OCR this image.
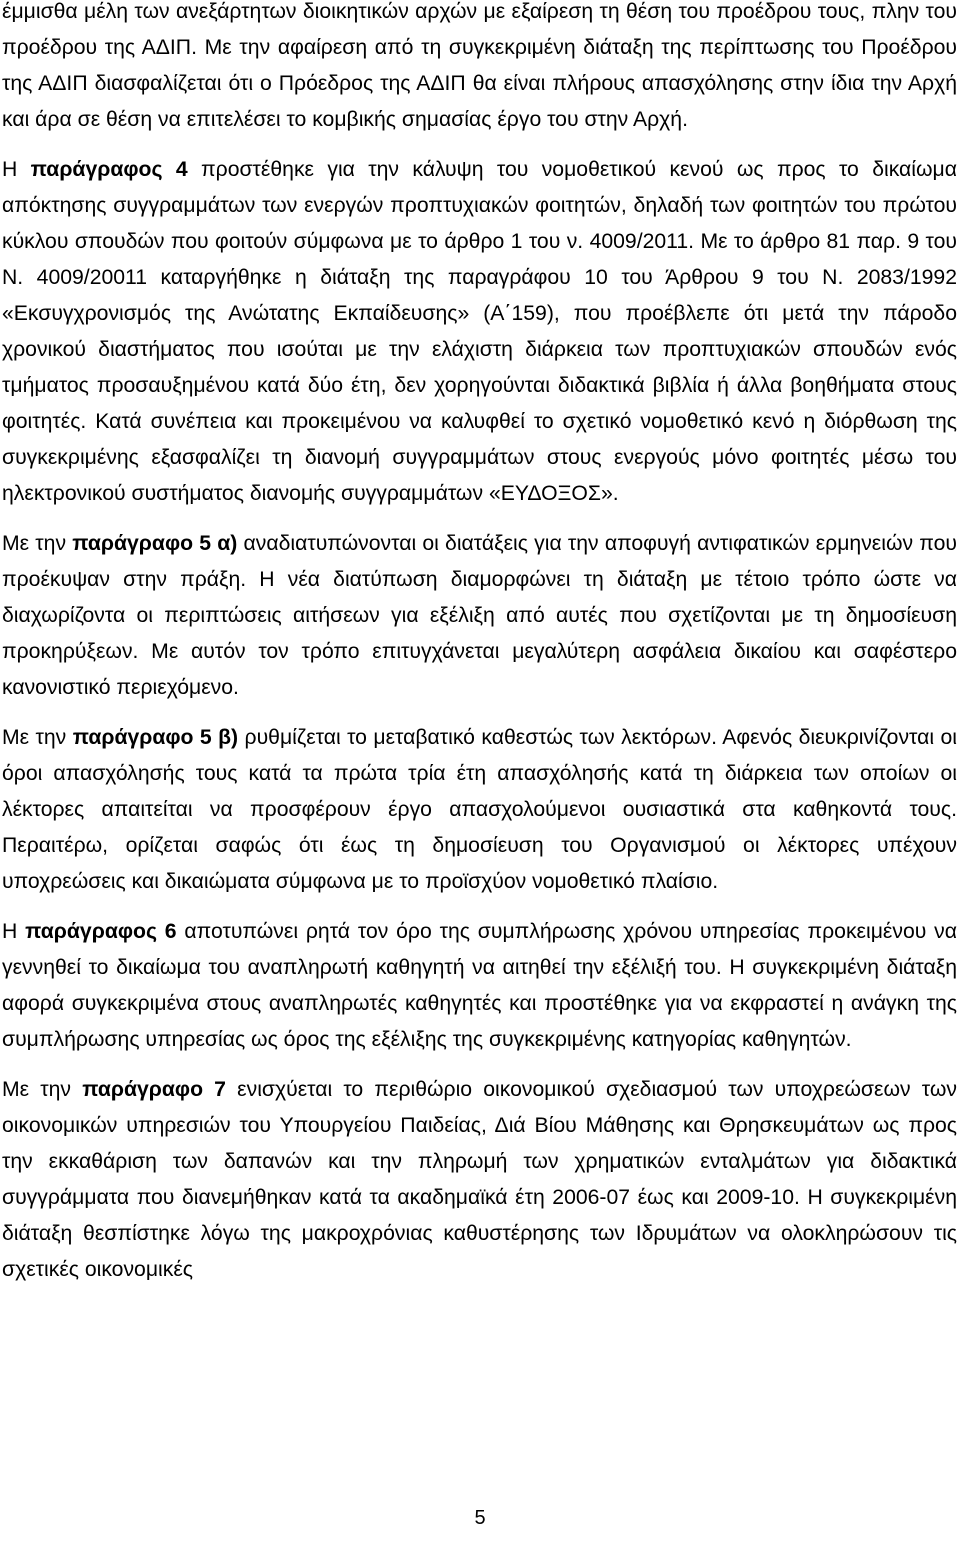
έμμισθα μέλη των ανεξάρτητων διοικητικών αρχών με εξαίρεση τη θέση του προέδρου τους, πλην του προέδρου της ΑΔΙΠ. Με την αφαίρεση από τη συγκεκριμένη διάταξη της περίπτωσης του Προέδρου της ΑΔΙΠ διασφαλίζεται ότι ο Πρόεδρος της ΑΔΙΠ θα είναι πλήρους απασχόλησης στην ίδια την Αρχή και άρα σε θέση να επιτελέσει το κομβικής σημασίας έργο του στην Αρχή.

Η παράγραφος 4 προστέθηκε για την κάλυψη του νομοθετικού κενού ως προς το δικαίωμα απόκτησης συγγραμμάτων των ενεργών προπτυχιακών φοιτητών, δηλαδή των φοιτητών του πρώτου κύκλου σπουδών που φοιτούν σύμφωνα με το άρθρο 1 του ν. 4009/2011. Με το άρθρο 81 παρ. 9 του Ν. 4009/20011 καταργήθηκε η διάταξη της παραγράφου 10 του Άρθρου 9 του Ν. 2083/1992 «Εκσυγχρονισμός της Ανώτατης Εκπαίδευσης» (Α΄159), που προέβλεπε ότι μετά την πάροδο χρονικού διαστήματος που ισούται με την ελάχιστη διάρκεια των προπτυχιακών σπουδών ενός τμήματος προσαυξημένου κατά δύο έτη, δεν χορηγούνται διδακτικά βιβλία ή άλλα βοηθήματα στους φοιτητές. Κατά συνέπεια και προκειμένου να καλυφθεί το σχετικό νομοθετικό κενό η διόρθωση της συγκεκριμένης εξασφαλίζει τη διανομή συγγραμμάτων στους ενεργούς μόνο φοιτητές μέσω του ηλεκτρονικού συστήματος διανομής συγγραμμάτων «ΕΥΔΟΞΟΣ».

Με την παράγραφο 5 α) αναδιατυπώνονται οι διατάξεις για την αποφυγή αντιφατικών ερμηνειών που προέκυψαν στην πράξη. Η νέα διατύπωση διαμορφώνει τη διάταξη με τέτοιο τρόπο ώστε να διαχωρίζοντα οι περιπτώσεις αιτήσεων για εξέλιξη από αυτές που σχετίζονται με τη δημοσίευση προκηρύξεων. Με αυτόν τον τρόπο επιτυγχάνεται μεγαλύτερη ασφάλεια δικαίου και σαφέστερο κανονιστικό περιεχόμενο.

Με την παράγραφο 5 β) ρυθμίζεται το μεταβατικό καθεστώς των λεκτόρων. Αφενός διευκρινίζονται οι όροι απασχόλησής τους κατά τα πρώτα τρία έτη απασχόλησής κατά τη διάρκεια των οποίων οι λέκτορες απαιτείται να προσφέρουν έργο απασχολούμενοι ουσιαστικά στα καθηκοντά τους. Περαιτέρω, ορίζεται σαφώς ότι έως τη δημοσίευση του Οργανισμού οι λέκτορες υπέχουν υποχρεώσεις και δικαιώματα σύμφωνα με το προϊσχύον νομοθετικό πλαίσιο.

Η παράγραφος 6 αποτυπώνει ρητά τον όρο της συμπλήρωσης χρόνου υπηρεσίας προκειμένου να γεννηθεί το δικαίωμα του αναπληρωτή καθηγητή να αιτηθεί την εξέλιξή του. Η συγκεκριμένη διάταξη αφορά συγκεκριμένα στους αναπληρωτές καθηγητές και προστέθηκε για να εκφραστεί η ανάγκη της συμπλήρωσης υπηρεσίας ως όρος της εξέλιξης της συγκεκριμένης κατηγορίας καθηγητών.

Με την παράγραφο 7 ενισχύεται το περιθώριο οικονομικού σχεδιασμού των υποχρεώσεων των οικονομικών υπηρεσιών του Υπουργείου Παιδείας, Διά Βίου Μάθησης και Θρησκευμάτων ως προς την εκκαθάριση των δαπανών και την πληρωμή των χρηματικών ενταλμάτων για διδακτικά συγγράμματα που διανεμήθηκαν κατά τα ακαδημαϊκά έτη 2006-07 έως και 2009-10. Η συγκεκριμένη διάταξη θεσπίστηκε λόγω της μακροχρόνιας καθυστέρησης των Ιδρυμάτων να ολοκληρώσουν τις σχετικές οικονομικές

5
